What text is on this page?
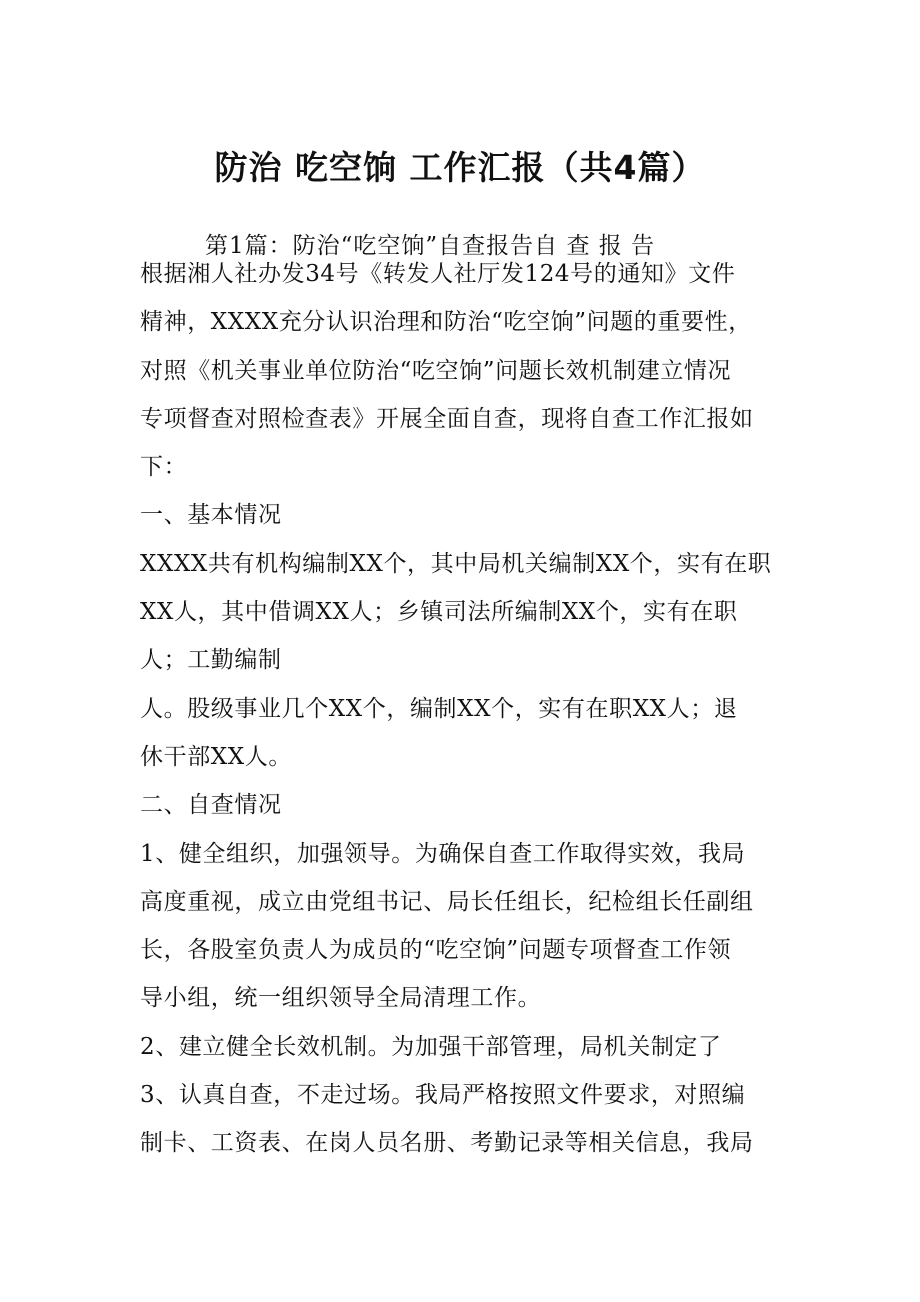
防治 吃空饷 工作汇报（共4篇）
第1篇：防治“吃空饷”自查报告自 查 报 告
根据湘人社办发34号《转发人社厅发124号的通知》文件
精神，XXXX充分认识治理和防治“吃空饷”问题的重要性，
对照《机关事业单位防治“吃空饷”问题长效机制建立情况
专项督查对照检查表》开展全面自查，现将自查工作汇报如
下：
一、基本情况
XXXX共有机构编制XX个，其中局机关编制XX个，实有在职
XX人，其中借调XX人；乡镇司法所编制XX个，实有在职
人；工勤编制
人。股级事业几个XX个，编制XX个，实有在职XX人；退
休干部XX人。
二、自查情况
1、健全组织，加强领导。为确保自查工作取得实效，我局
高度重视，成立由党组书记、局长任组长，纪检组长任副组
长，各股室负责人为成员的“吃空饷”问题专项督查工作领
导小组，统一组织领导全局清理工作。
2、建立健全长效机制。为加强干部管理，局机关制定了
3、认真自查，不走过场。我局严格按照文件要求，对照编
制卡、工资表、在岗人员名册、考勤记录等相关信息，我局
